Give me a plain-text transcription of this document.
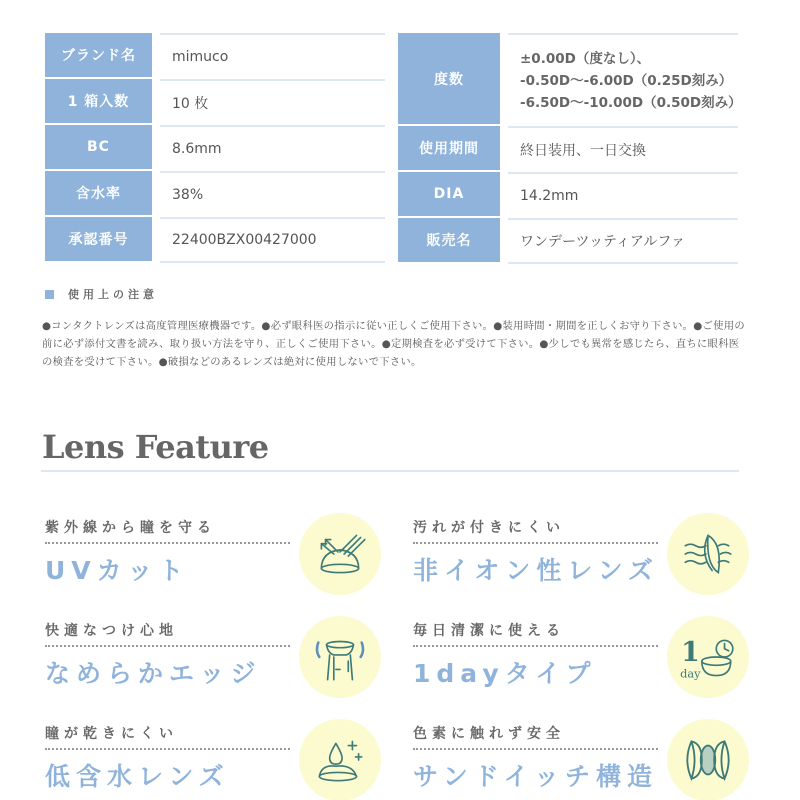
ブランド名	mimuco
1 箱入数	10 枚
BC	8.6mm
含水率	38%
承認番号	22400BZX00427000
度数
±0.00D（度なし）、
-0.50D〜-6.00D（0.25D刻み）
-6.50D〜-10.00D（0.50D刻み）
使用期間	終日装用、一日交換
DIA	14.2mm
販売名	ワンデーツッティアルファ
使用上の注意
●コンタクトレンズは高度管理医療機器です。●必ず眼科医の指示に従い正しくご使用下さい。●装用時間・期間を正しくお守り下さい。●ご使用の前に必ず添付文書を読み、取り扱い方法を守り、正しくご使用下さい。●定期検査を必ず受けて下さい。●少しでも異常を感じたら、直ちに眼科医の検査を受けて下さい。●破損などのあるレンズは絶対に使用しないで下さい。
Lens Feature
紫外線から瞳を守る
UVカット
汚れが付きにくい
非イオン性レンズ
快適なつけ心地
なめらかエッジ
毎日清潔に使える
1dayタイプ
1
day
瞳が乾きにくい
低含水レンズ
色素に触れず安全
サンドイッチ構造
